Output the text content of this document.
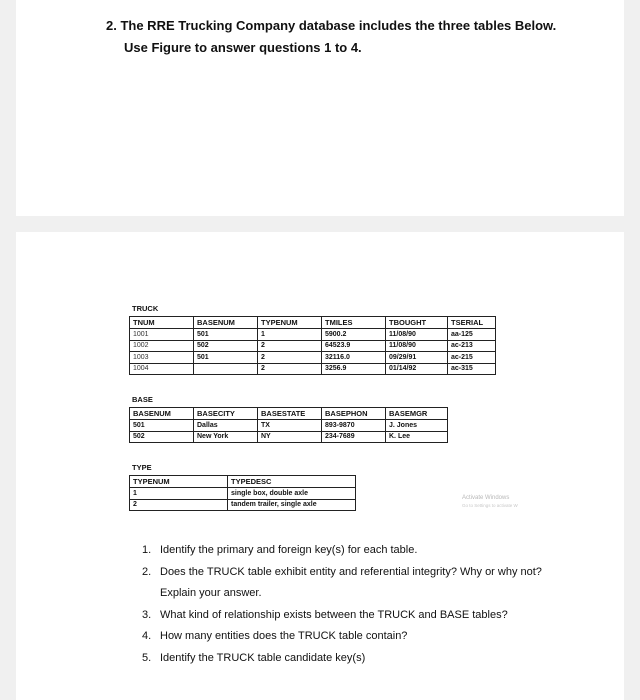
2. The RRE Trucking Company database includes the three tables Below.
Use Figure to answer questions 1 to 4.
TRUCK
TNUM	BASENUM	TYPENUM	TMILES	TBOUGHT	TSERIAL
1001	501	1	5900.2	11/08/90	aa-125
1002	502	2	64523.9	11/08/90	ac-213
1003	501	2	32116.0	09/29/91	ac-215
1004		2	3256.9	01/14/92	ac-315
BASE
BASENUM	BASECITY	BASESTATE	BASEPHON	BASEMGR
501	Dallas	TX	893-9870	J. Jones
502	New York	NY	234-7689	K. Lee
TYPE
TYPENUM	TYPEDESC
1	single box, double axle
2	tandem trailer, single axle
Activate Windows
Go to Settings to activate W
1. Identify the primary and foreign key(s) for each table.
2. Does the TRUCK table exhibit entity and referential integrity? Why or why not? Explain your answer.
3. What kind of relationship exists between the TRUCK and BASE tables?
4. How many entities does the TRUCK table contain?
5. Identify the TRUCK table candidate key(s)
